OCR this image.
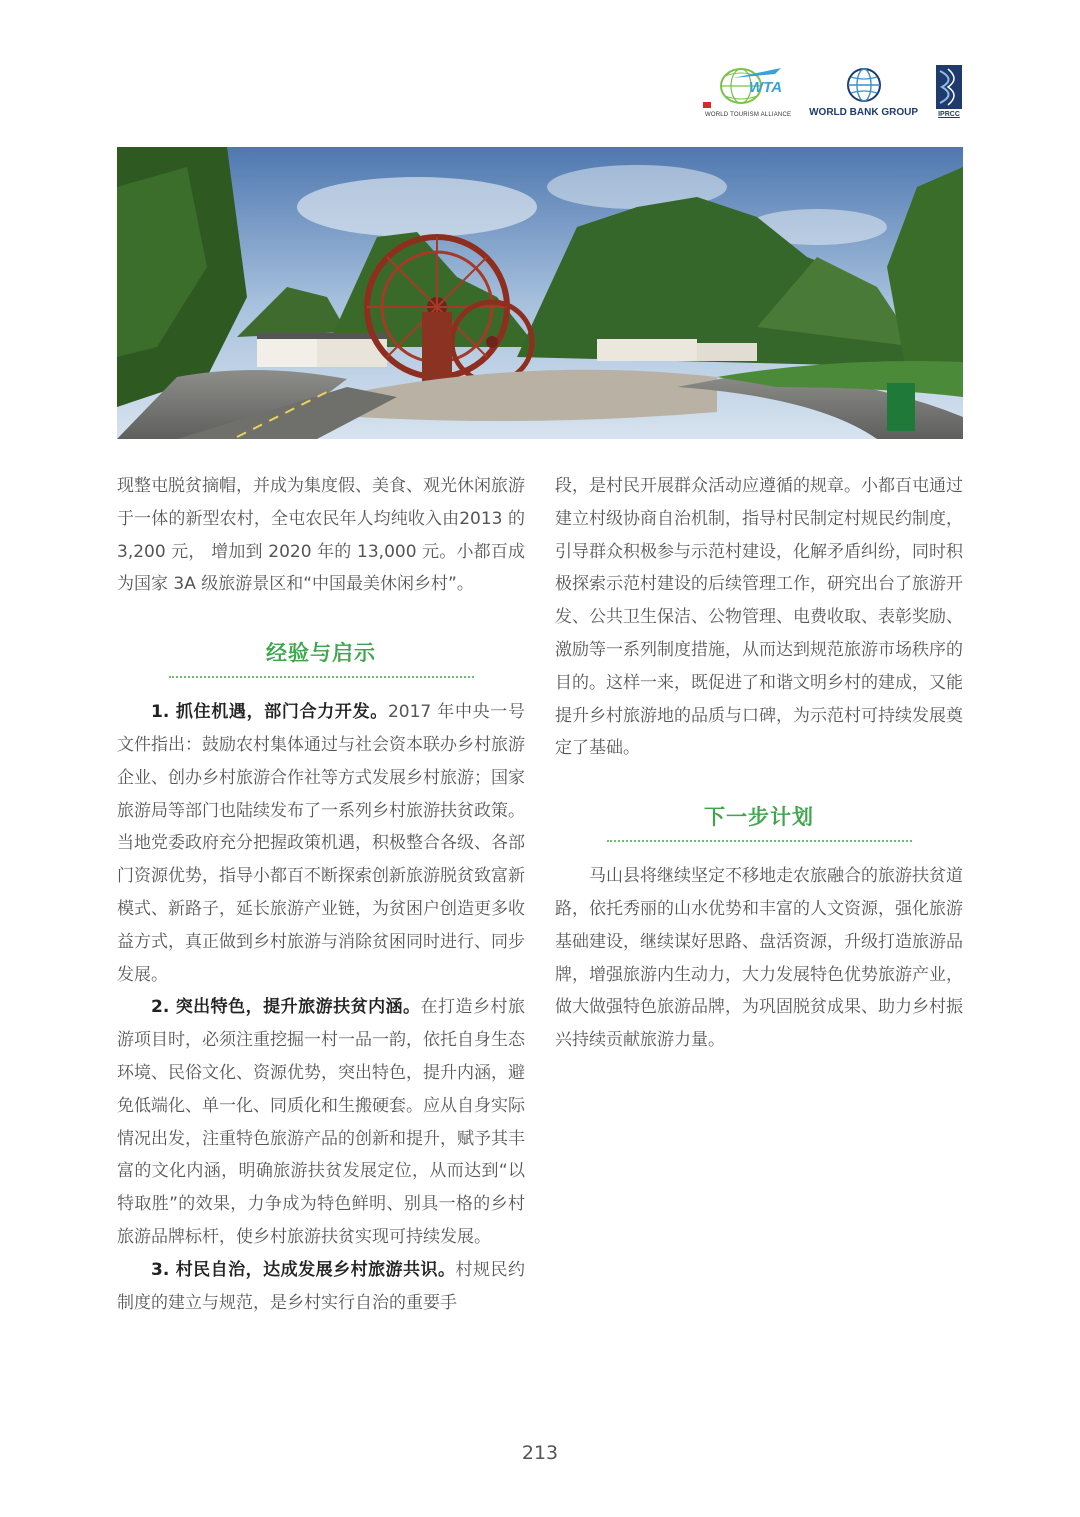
WTA
WORLD TOURISM ALLIANCE WORLD BANK GROUP	IPRCC

现整屯脱贫摘帽，并成为集度假、美食、观光休闲旅游于一体的新型农村，全屯农民年人均纯收入由2013 的 3,200 元， 增加到 2020 年的 13,000 元。小都百成为国家 3A 级旅游景区和“中国最美休闲乡村”。

经验与启示

1. 抓住机遇，部门合力开发。2017 年中央一号文件指出：鼓励农村集体通过与社会资本联办乡村旅游企业、创办乡村旅游合作社等方式发展乡村旅游；国家旅游局等部门也陆续发布了一系列乡村旅游扶贫政策。当地党委政府充分把握政策机遇，积极整合各级、各部门资源优势，指导小都百不断探索创新旅游脱贫致富新模式、新路子，延长旅游产业链，为贫困户创造更多收益方式，真正做到乡村旅游与消除贫困同时进行、同步发展。

2. 突出特色，提升旅游扶贫内涵。在打造乡村旅游项目时，必须注重挖掘一村一品一韵，依托自身生态环境、民俗文化、资源优势，突出特色，提升内涵，避免低端化、单一化、同质化和生搬硬套。应从自身实际情况出发，注重特色旅游产品的创新和提升，赋予其丰富的文化内涵，明确旅游扶贫发展定位，从而达到“以特取胜”的效果，力争成为特色鲜明、别具一格的乡村旅游品牌标杆，使乡村旅游扶贫实现可持续发展。

3. 村民自治，达成发展乡村旅游共识。村规民约制度的建立与规范，是乡村实行自治的重要手

段，是村民开展群众活动应遵循的规章。小都百屯通过建立村级协商自治机制，指导村民制定村规民约制度，引导群众积极参与示范村建设，化解矛盾纠纷，同时积极探索示范村建设的后续管理工作，研究出台了旅游开发、公共卫生保洁、公物管理、电费收取、表彰奖励、激励等一系列制度措施，从而达到规范旅游市场秩序的目的。这样一来，既促进了和谐文明乡村的建成，又能提升乡村旅游地的品质与口碑，为示范村可持续发展奠定了基础。

下一步计划

马山县将继续坚定不移地走农旅融合的旅游扶贫道路，依托秀丽的山水优势和丰富的人文资源，强化旅游基础建设，继续谋好思路、盘活资源，升级打造旅游品牌，增强旅游内生动力，大力发展特色优势旅游产业，做大做强特色旅游品牌，为巩固脱贫成果、助力乡村振兴持续贡献旅游力量。

213
